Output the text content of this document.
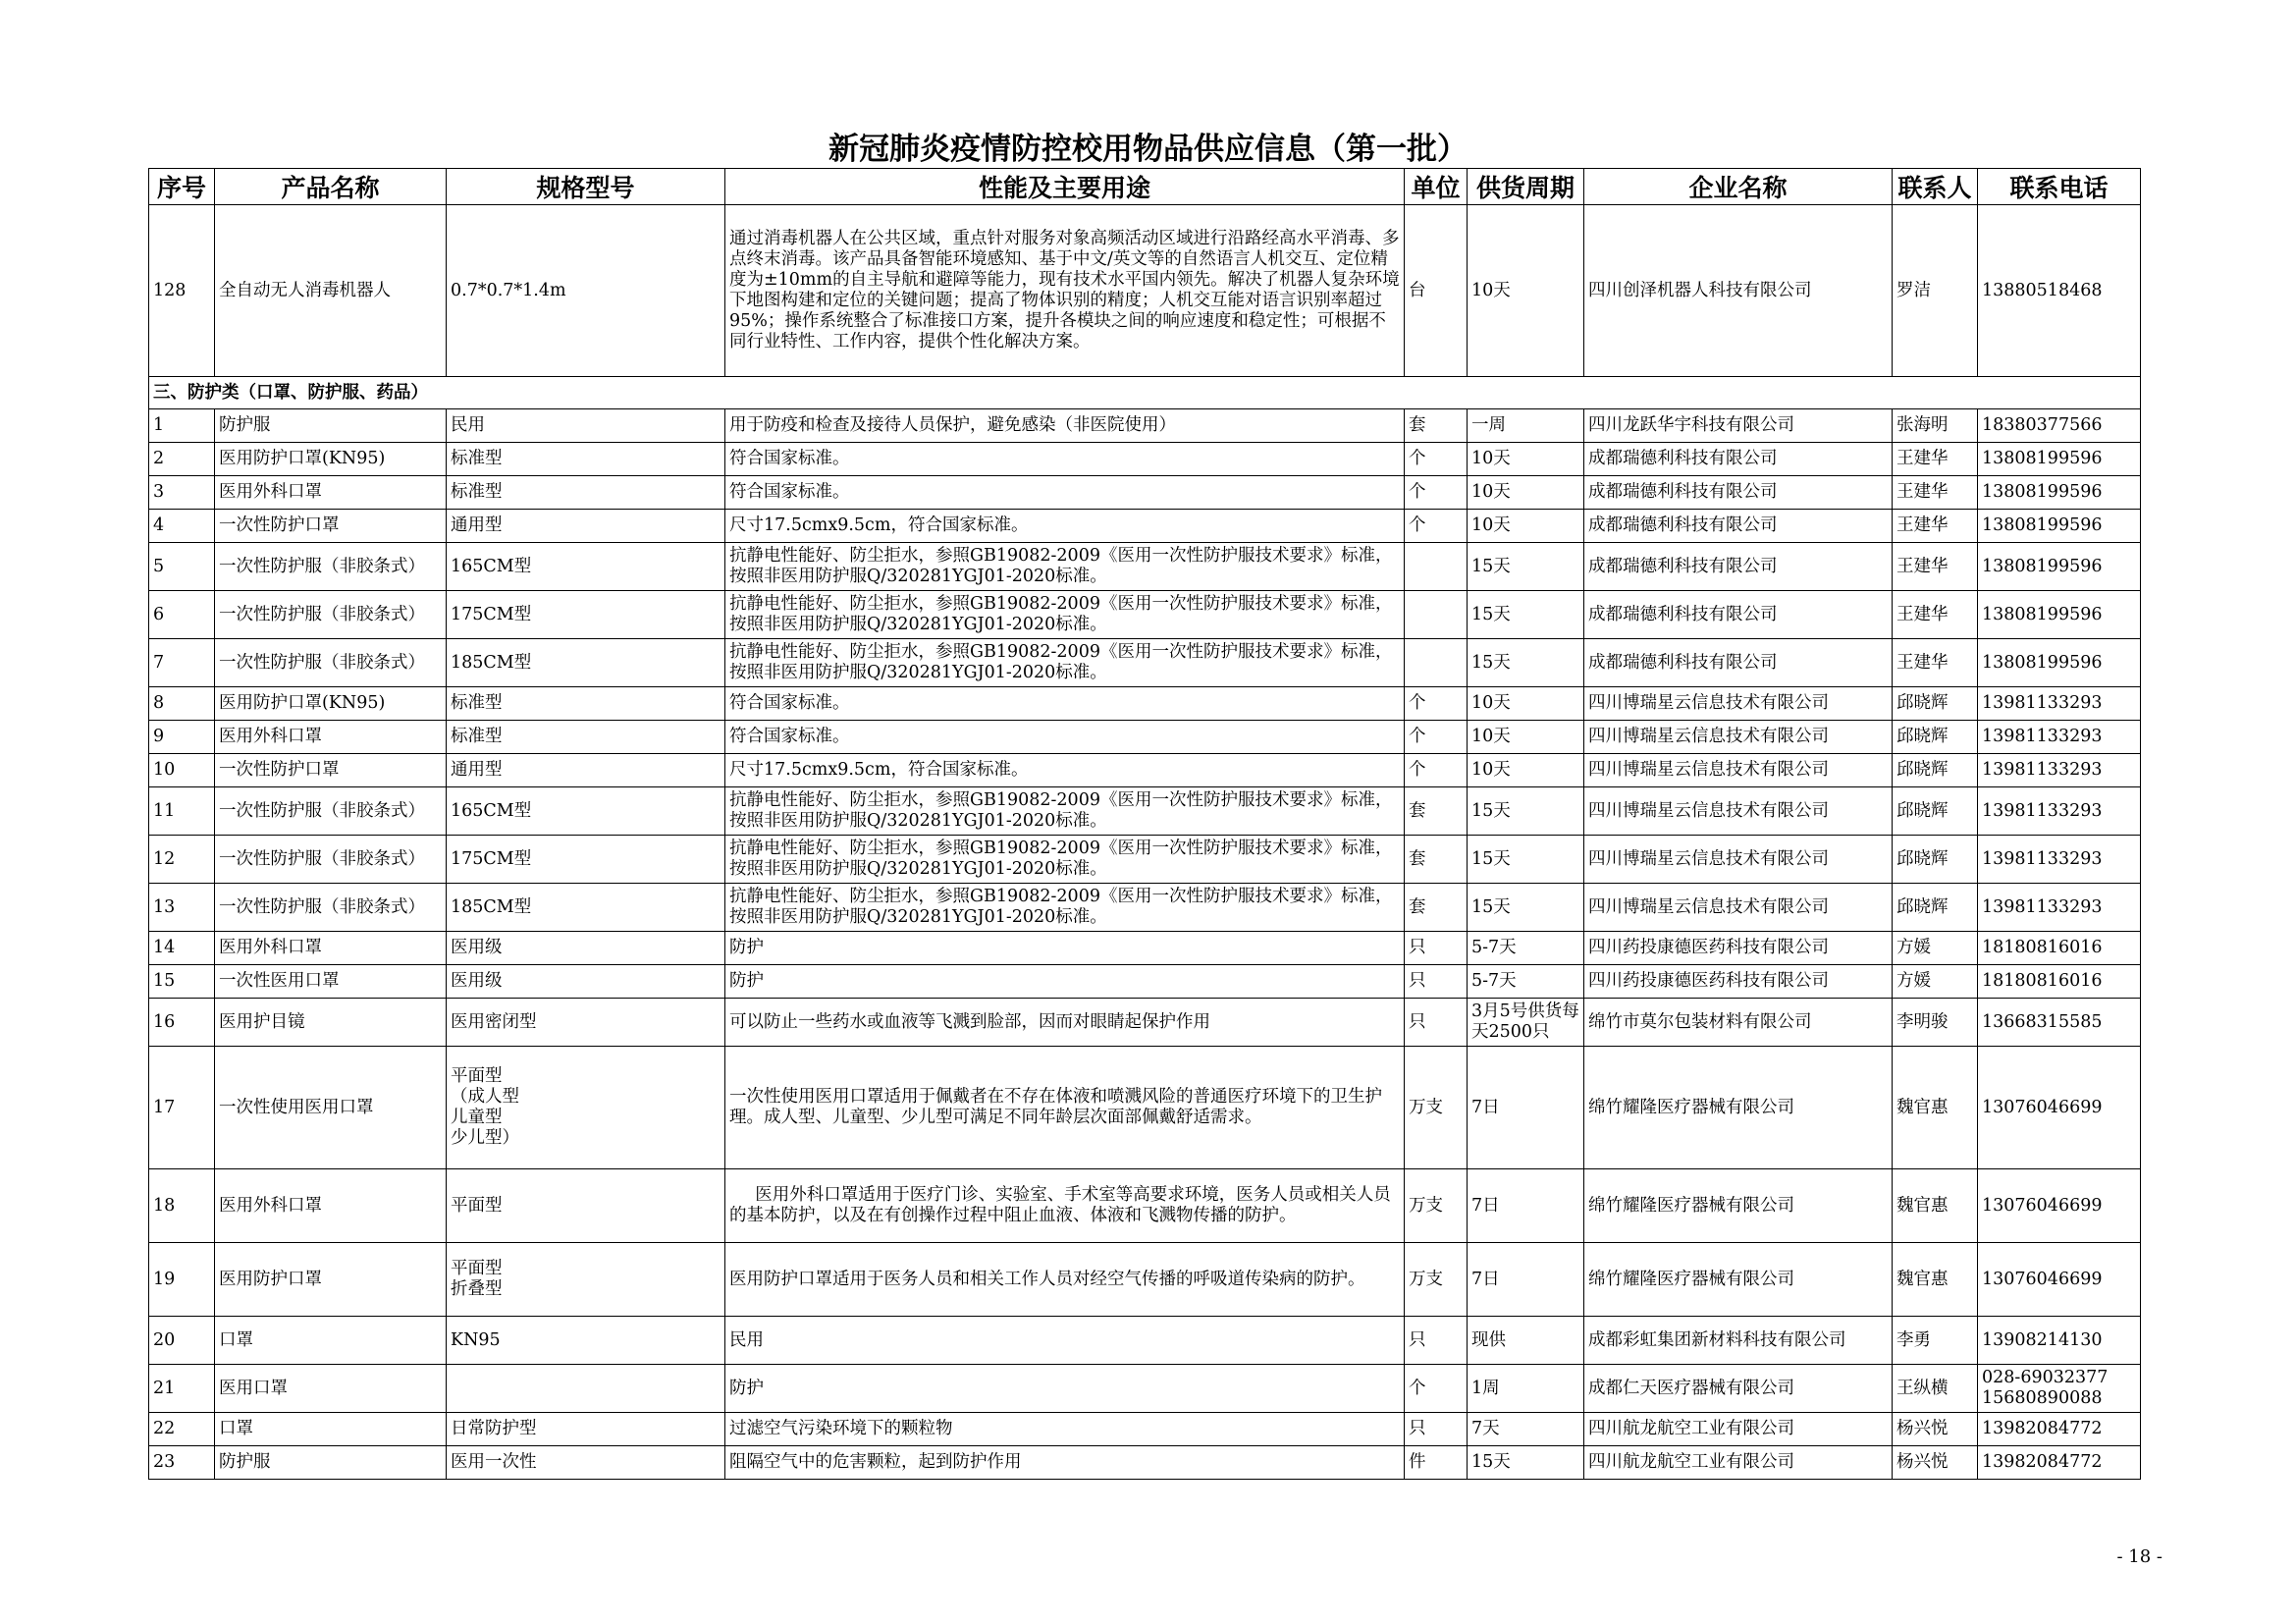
新冠肺炎疫情防控校用物品供应信息（第一批）
序号	产品名称	规格型号	性能及主要用途	单位	供货周期	企业名称	联系人	联系电话
128	全自动无人消毒机器人	0.7*0.7*1.4m	通过消毒机器人在公共区域，重点针对服务对象高频活动区域进行沿路经高水平消毒、多点终末消毒。该产品具备智能环境感知、基于中文/英文等的自然语言人机交互、定位精度为±10mm的自主导航和避障等能力，现有技术水平国内领先。解决了机器人复杂环境下地图构建和定位的关键问题；提高了物体识别的精度；人机交互能对语言识别率超过95%；操作系统整合了标准接口方案，提升各模块之间的响应速度和稳定性；可根据不同行业特性、工作内容，提供个性化解决方案。	台	10天	四川创泽机器人科技有限公司	罗洁	13880518468
三、防护类（口罩、防护服、药品）								
1	防护服	民用	用于防疫和检查及接待人员保护，避免感染（非医院使用）	套	一周	四川龙跃华宇科技有限公司	张海明	18380377566
2	医用防护口罩(KN95)	标准型	符合国家标准。	个	10天	成都瑞德利科技有限公司	王建华	13808199596
3	医用外科口罩	标准型	符合国家标准。	个	10天	成都瑞德利科技有限公司	王建华	13808199596
4	一次性防护口罩	通用型	尺寸17.5cmx9.5cm，符合国家标准。	个	10天	成都瑞德利科技有限公司	王建华	13808199596
5	一次性防护服（非胶条式）	165CM型	抗静电性能好、防尘拒水，参照GB19082-2009《医用一次性防护服技术要求》标准，按照非医用防护服Q/320281YGJ01-2020标准。		15天	成都瑞德利科技有限公司	王建华	13808199596
6	一次性防护服（非胶条式）	175CM型	抗静电性能好、防尘拒水，参照GB19082-2009《医用一次性防护服技术要求》标准，按照非医用防护服Q/320281YGJ01-2020标准。		15天	成都瑞德利科技有限公司	王建华	13808199596
7	一次性防护服（非胶条式）	185CM型	抗静电性能好、防尘拒水，参照GB19082-2009《医用一次性防护服技术要求》标准，按照非医用防护服Q/320281YGJ01-2020标准。		15天	成都瑞德利科技有限公司	王建华	13808199596
8	医用防护口罩(KN95)	标准型	符合国家标准。	个	10天	四川博瑞星云信息技术有限公司	邱晓辉	13981133293
9	医用外科口罩	标准型	符合国家标准。	个	10天	四川博瑞星云信息技术有限公司	邱晓辉	13981133293
10	一次性防护口罩	通用型	尺寸17.5cmx9.5cm，符合国家标准。	个	10天	四川博瑞星云信息技术有限公司	邱晓辉	13981133293
11	一次性防护服（非胶条式）	165CM型	抗静电性能好、防尘拒水，参照GB19082-2009《医用一次性防护服技术要求》标准，按照非医用防护服Q/320281YGJ01-2020标准。	套	15天	四川博瑞星云信息技术有限公司	邱晓辉	13981133293
12	一次性防护服（非胶条式）	175CM型	抗静电性能好、防尘拒水，参照GB19082-2009《医用一次性防护服技术要求》标准，按照非医用防护服Q/320281YGJ01-2020标准。	套	15天	四川博瑞星云信息技术有限公司	邱晓辉	13981133293
13	一次性防护服（非胶条式）	185CM型	抗静电性能好、防尘拒水，参照GB19082-2009《医用一次性防护服技术要求》标准，按照非医用防护服Q/320281YGJ01-2020标准。	套	15天	四川博瑞星云信息技术有限公司	邱晓辉	13981133293
14	医用外科口罩	医用级	防护	只	5-7天	四川药投康德医药科技有限公司	方媛	18180816016
15	一次性医用口罩	医用级	防护	只	5-7天	四川药投康德医药科技有限公司	方媛	18180816016
16	医用护目镜	医用密闭型	可以防止一些药水或血液等飞溅到脸部，因而对眼睛起保护作用	只	3月5号供货每天2500只	绵竹市莫尔包装材料有限公司	李明骏	13668315585
17	一次性使用医用口罩	平面型
（成人型
儿童型
少儿型）	一次性使用医用口罩适用于佩戴者在不存在体液和喷溅风险的普通医疗环境下的卫生护理。成人型、儿童型、少儿型可满足不同年龄层次面部佩戴舒适需求。	万支	7日	绵竹耀隆医疗器械有限公司	魏官惠	13076046699
18	医用外科口罩	平面型	医用外科口罩适用于医疗门诊、实验室、手术室等高要求环境，医务人员或相关人员的基本防护，以及在有创操作过程中阻止血液、体液和飞溅物传播的防护。	万支	7日	绵竹耀隆医疗器械有限公司	魏官惠	13076046699
19	医用防护口罩	平面型
折叠型	医用防护口罩适用于医务人员和相关工作人员对经空气传播的呼吸道传染病的防护。	万支	7日	绵竹耀隆医疗器械有限公司	魏官惠	13076046699
20	口罩	KN95	民用	只	现供	成都彩虹集团新材料科技有限公司	李勇	13908214130
21	医用口罩		防护	个	1周	成都仁天医疗器械有限公司	王纵横	028-69032377
15680890088
22	口罩	日常防护型	过滤空气污染环境下的颗粒物	只	7天	四川航龙航空工业有限公司	杨兴悦	13982084772
23	防护服	医用一次性	阻隔空气中的危害颗粒，起到防护作用	件	15天	四川航龙航空工业有限公司	杨兴悦	13982084772
- 18 -
